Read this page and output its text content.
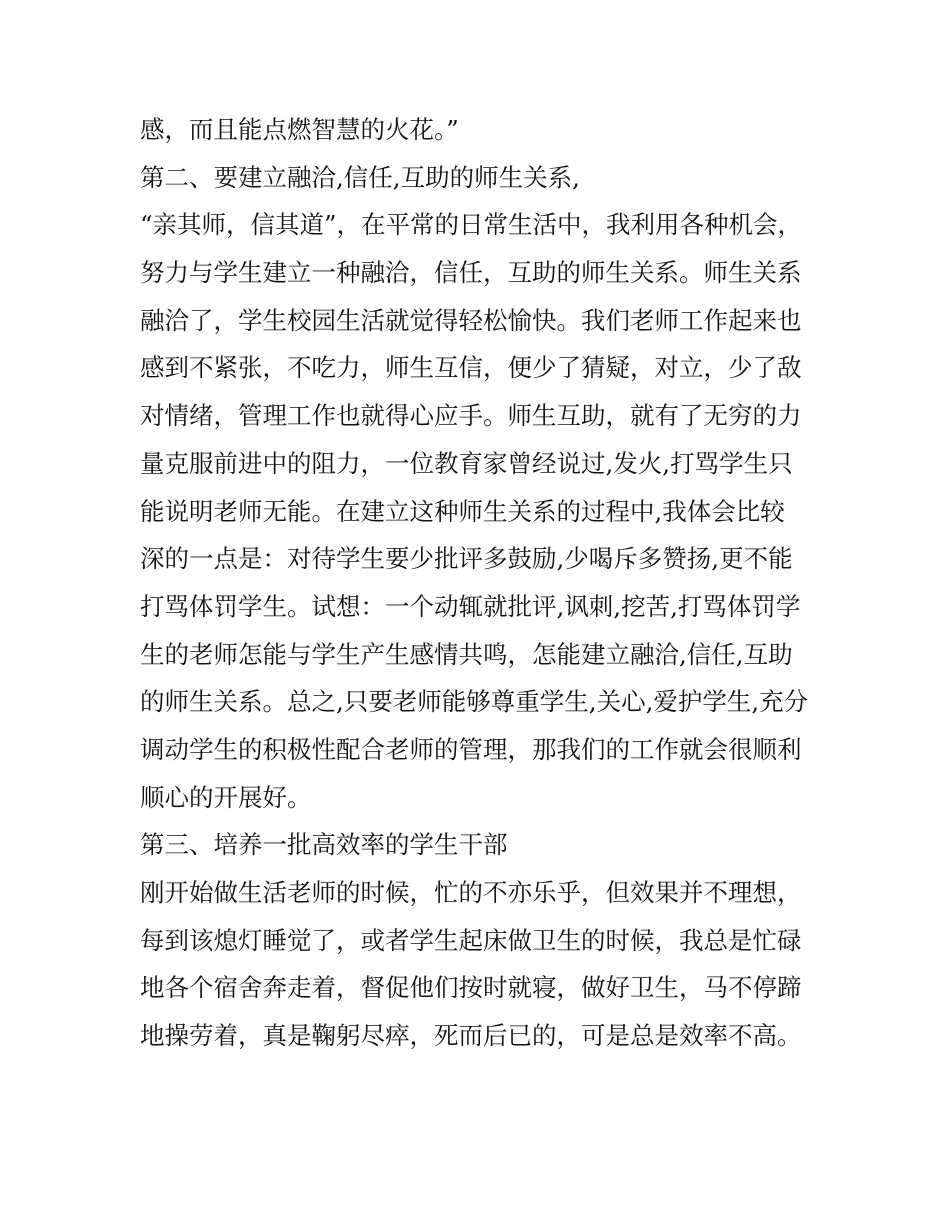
感，而且能点燃智慧的火花。”
第二、要建立融洽,信任,互助的师生关系,
“亲其师，信其道”，在平常的日常生活中，我利用各种机会，
努力与学生建立一种融洽，信任，互助的师生关系。师生关系
融洽了，学生校园生活就觉得轻松愉快。我们老师工作起来也
感到不紧张，不吃力，师生互信，便少了猜疑，对立，少了敌
对情绪，管理工作也就得心应手。师生互助，就有了无穷的力
量克服前进中的阻力，一位教育家曾经说过,发火,打骂学生只
能说明老师无能。在建立这种师生关系的过程中,我体会比较
深的一点是：对待学生要少批评多鼓励,少喝斥多赞扬,更不能
打骂体罚学生。试想：一个动辄就批评,讽刺,挖苦,打骂体罚学
生的老师怎能与学生产生感情共鸣，怎能建立融洽,信任,互助
的师生关系。总之,只要老师能够尊重学生,关心,爱护学生,充分
调动学生的积极性配合老师的管理，那我们的工作就会很顺利
顺心的开展好。
第三、培养一批高效率的学生干部
刚开始做生活老师的时候，忙的不亦乐乎，但效果并不理想，
每到该熄灯睡觉了，或者学生起床做卫生的时候，我总是忙碌
地各个宿舍奔走着，督促他们按时就寝，做好卫生，马不停蹄
地操劳着，真是鞠躬尽瘁，死而后已的，可是总是效率不高。
